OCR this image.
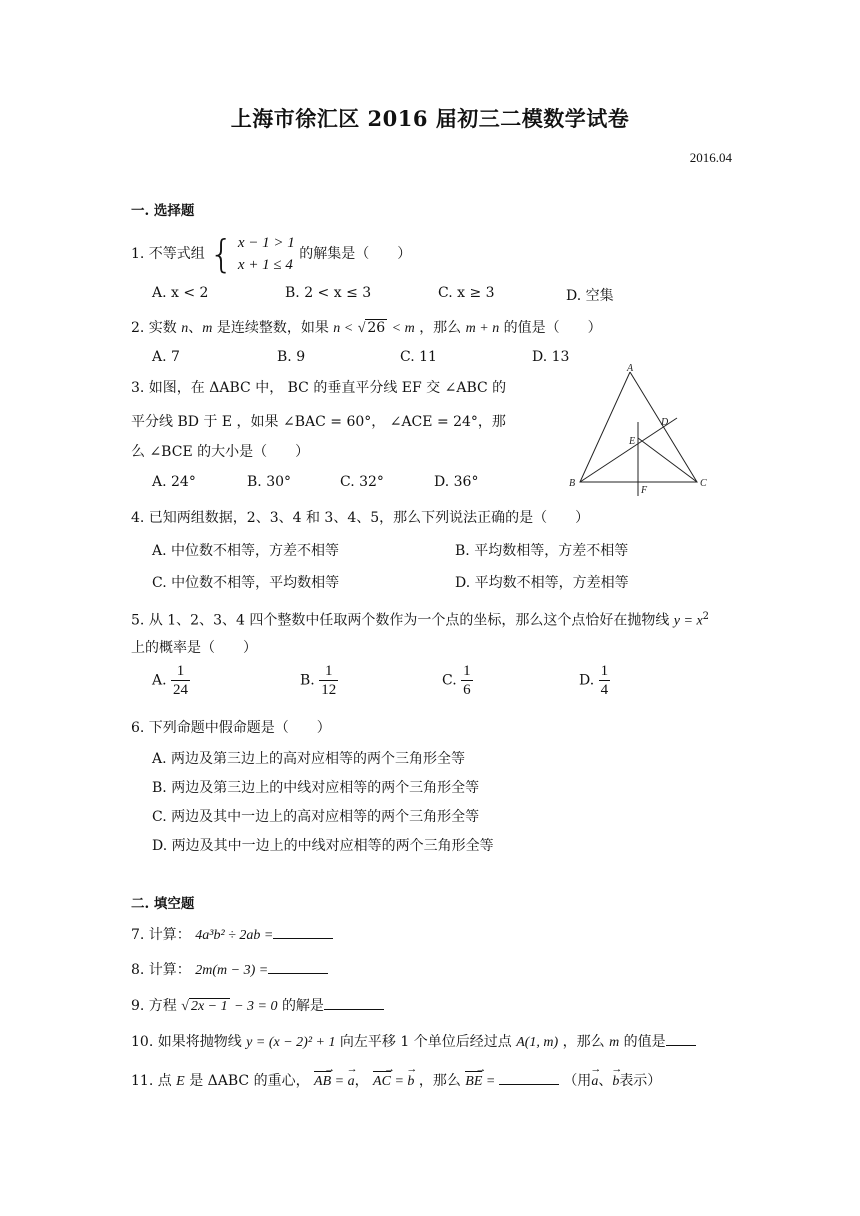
上海市徐汇区 2016 届初三二模数学试卷
2016.04
一. 选择题
1. 不等式组 { x − 1 > 1
x + 1 ≤ 4
的解集是（　　）
A. x < 2	B. 2 < x ≤ 3	C. x ≥ 3	D. 空集
2. 实数 n、m 是连续整数，如果 n < √ 26 < m ，那么 m + n 的值是（　　）
A. 7	B. 9	C. 11	D. 13
3. 如图，在 ΔABC 中， BC 的垂直平分线 EF 交 ∠ABC 的
平分线 BD 于 E ，如果 ∠BAC = 60°， ∠ACE = 24°，那
么 ∠BCE 的大小是（　　）
A. 24°	B. 30°	C. 32°	D. 36°
A
B	C
D
E
F
4. 已知两组数据，2、3、4 和 3、4、5，那么下列说法正确的是（　　）
A. 中位数不相等，方差不相等	B. 平均数相等，方差不相等
C. 中位数不相等，平均数相等	D. 平均数不相等，方差相等
5. 从 1、2、3、4 四个整数中任取两个数作为一个点的坐标，那么这个点恰好在抛物线 $y = x^2$
上的概率是（　　）
A. $\frac{1}{24}$	B. $\frac{1}{12}$	C. $\frac{1}{6}$	D. $\frac{1}{4}$
6. 下列命题中假命题是（　　）
A. 两边及第三边上的高对应相等的两个三角形全等
B. 两边及第三边上的中线对应相等的两个三角形全等
C. 两边及其中一边上的高对应相等的两个三角形全等
D. 两边及其中一边上的中线对应相等的两个三角形全等
二. 填空题
7. 计算： 4a³b² ÷ 2ab =
8. 计算： 2m(m − 3) =
9. 方程 √ 2x − 1 − 3 = 0 的解是
10. 如果将抛物线 y = (x − 2)² + 1 向左平移 1 个单位后经过点 A(1, m) ，那么 m 的值是
11. 点 E 是 ΔABC 的重心， AB → = a →， AC → = b → ，那么 BE → =	（用a →、b →表示）
